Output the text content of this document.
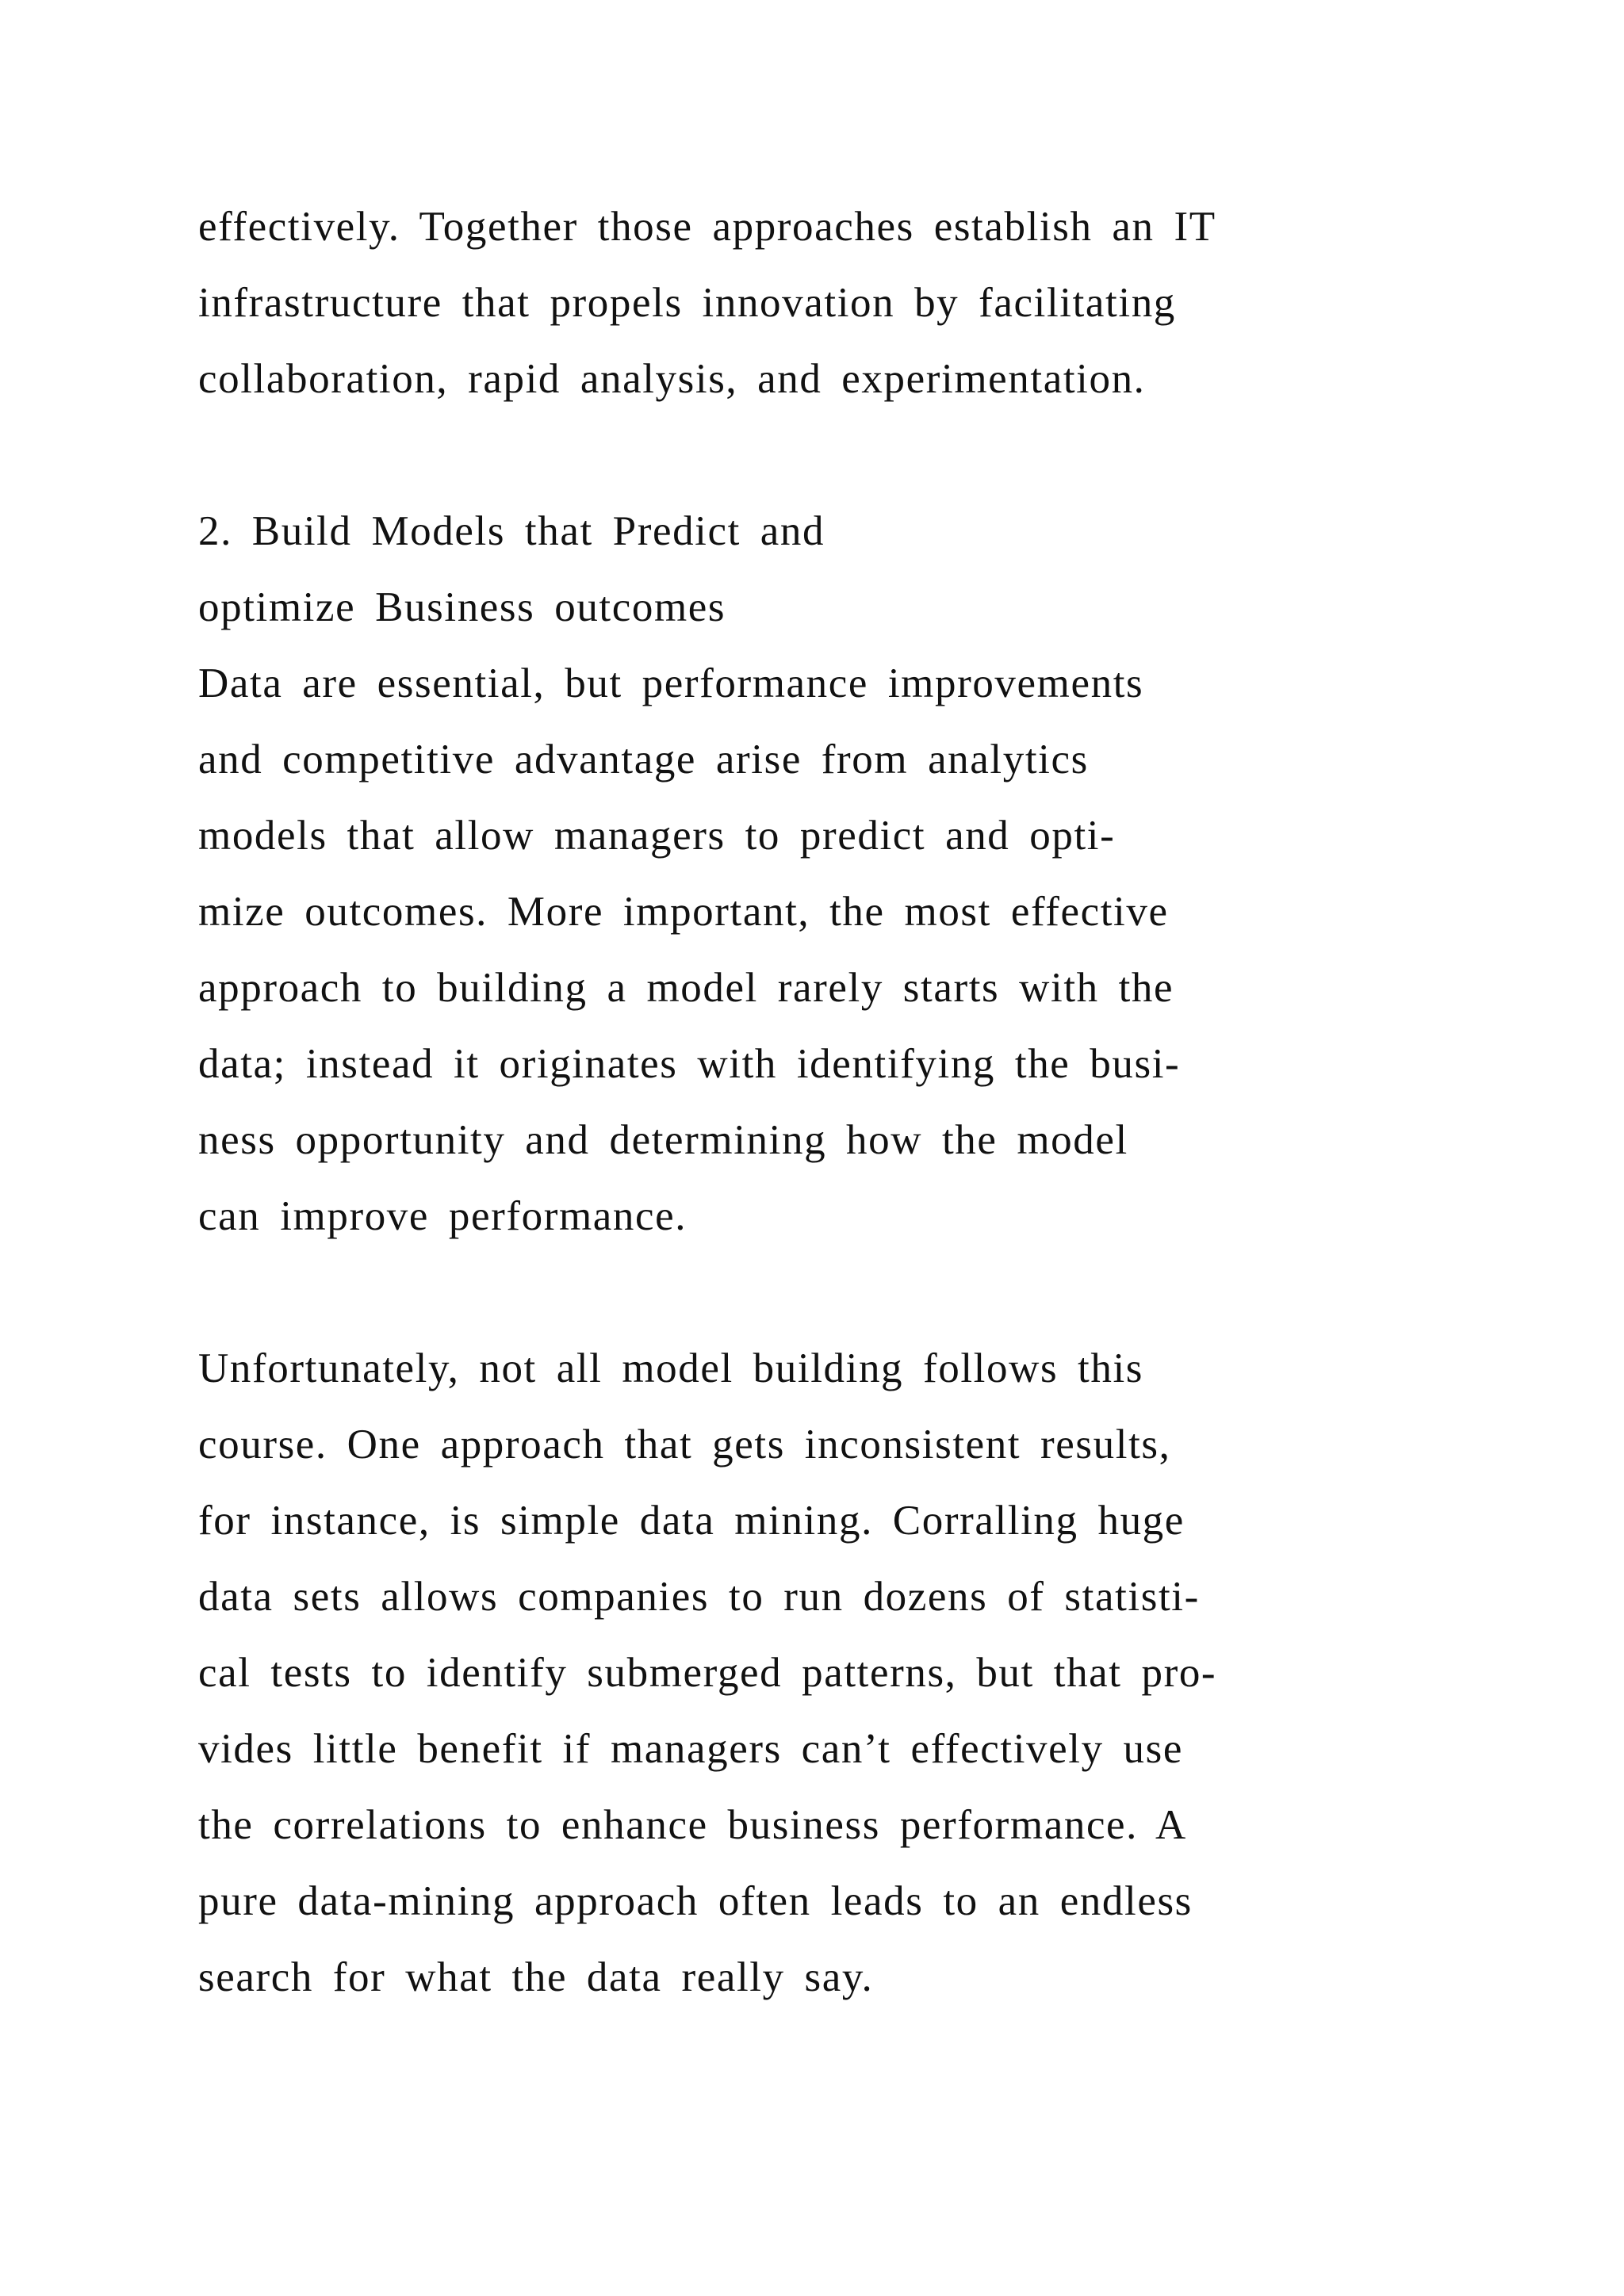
effectively. Together those approaches establish an IT
infrastructure that propels innovation by facilitating
collaboration, rapid analysis, and experimentation.
2. Build Models that Predict and
optimize Business outcomes
Data are essential, but performance improvements
and competitive advantage arise from analytics
models that allow managers to predict and opti-
mize outcomes. More important, the most effective
approach to building a model rarely starts with the
data; instead it originates with identifying the busi-
ness opportunity and determining how the model
can improve performance.
Unfortunately, not all model building follows this
course. One approach that gets inconsistent results,
for instance, is simple data mining. Corralling huge
data sets allows companies to run dozens of statisti-
cal tests to identify submerged patterns, but that pro-
vides little benefit if managers can’t effectively use
the correlations to enhance business performance. A
pure data-mining approach often leads to an endless
search for what the data really say.
